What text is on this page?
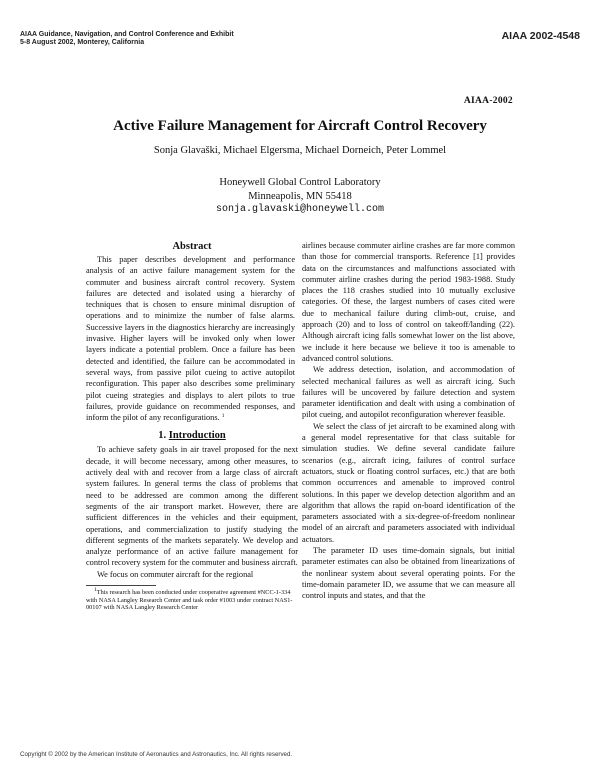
AIAA Guidance, Navigation, and Control Conference and Exhibit
5-8 August 2002, Monterey, California
AIAA 2002-4548
AIAA-2002
Active Failure Management for Aircraft Control Recovery
Sonja Glavaški, Michael Elgersma, Michael Dorneich, Peter Lommel
Honeywell Global Control Laboratory
Minneapolis, MN 55418
sonja.glavaski@honeywell.com
Abstract

This paper describes development and performance analysis of an active failure management system for the commuter and business aircraft control recovery. System failures are detected and isolated using a hierarchy of techniques that is chosen to ensure minimal disruption of operations and to minimize the number of false alarms. Successive layers in the diagnostics hierarchy are increasingly invasive. Higher layers will be invoked only when lower layers indicate a potential problem. Once a failure has been detected and identified, the failure can be accommodated in several ways, from passive pilot cueing to active autopilot reconfiguration. This paper also describes some preliminary pilot cueing strategies and displays to alert pilots to true failures, provide guidance on recommended responses, and inform the pilot of any reconfigurations. $^1$

1. Introduction

To achieve safety goals in air travel proposed for the next decade, it will become necessary, among other measures, to actively deal with and recover from a large class of aircraft system failures. In general terms the class of problems that need to be addressed are common among the different segments of the air transport market. However, there are sufficient differences in the vehicles and their equipment, operations, and commercialization to justify studying the different segments of the markets separately. We develop and analyze performance of an active failure management for control recovery system for the commuter and business aircraft.

We focus on commuter aircraft for the regional

$^1$This research has been conducted under cooperative agreement #NCC-1-334 with NASA Langley Research Center and task order #1003 under contract NAS1-00107 with NASA Langley Research Center

airlines because commuter airline crashes are far more common than those for commercial transports. Reference [1] provides data on the circumstances and malfunctions associated with commuter airline crashes during the period 1983-1988. Study places the 118 crashes studied into 10 mutually exclusive categories. Of these, the largest numbers of cases cited were due to mechanical failure during climb-out, cruise, and approach (20) and to loss of control on takeoff/landing (22). Although aircraft icing falls somewhat lower on the list above, we include it here because we believe it too is amenable to advanced control solutions.

We address detection, isolation, and accommodation of selected mechanical failures as well as aircraft icing. Such failures will be uncovered by failure detection and system parameter identification and dealt with using a combination of pilot cueing, and autopilot reconfiguration wherever feasible.

We select the class of jet aircraft to be examined along with a general model representative for that class suitable for simulation studies. We define several candidate failure scenarios (e.g., aircraft icing, failures of control surface actuators, stuck or floating control surfaces, etc.) that are both common occurrences and amenable to improved control solutions. In this paper we develop detection algorithm and an algorithm that allows the rapid on-board identification of the parameters associated with a six-degree-of-freedom nonlinear model of an aircraft and parameters associated with individual actuators.

The parameter ID uses time-domain signals, but initial parameter estimates can also be obtained from linearizations of the nonlinear system about several operating points. For the time-domain parameter ID, we assume that we can measure all control inputs and states, and that the

Copyright © 2002 by the American Institute of Aeronautics and Astronautics, Inc. All rights reserved.
